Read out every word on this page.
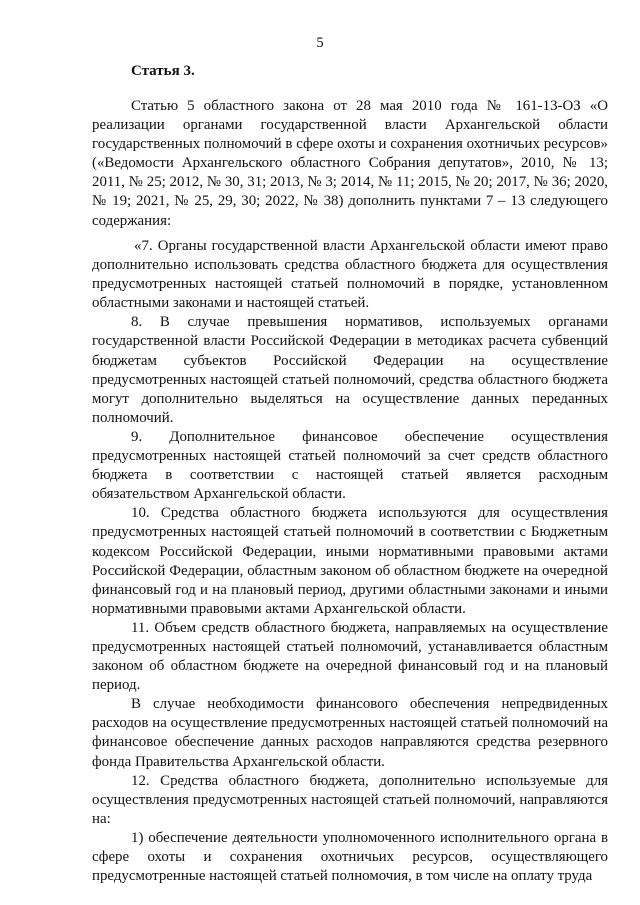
5
Статья 3.

Статью 5 областного закона от 28 мая 2010 года № 161-13-ОЗ «О реализации органами государственной власти Архангельской области государственных полномочий в сфере охоты и сохранения охотничьих ресурсов» («Ведомости Архангельского областного Собрания депутатов», 2010, № 13; 2011, № 25; 2012, № 30, 31; 2013, № 3; 2014, № 11; 2015, № 20; 2017, № 36; 2020, № 19; 2021, № 25, 29, 30; 2022, № 38) дополнить пунктами 7 – 13 следующего содержания:

«7. Органы государственной власти Архангельской области имеют право дополнительно использовать средства областного бюджета для осуществления предусмотренных настоящей статьей полномочий в порядке, установленном областными законами и настоящей статьей.

8. В случае превышения нормативов, используемых органами государственной власти Российской Федерации в методиках расчета субвенций бюджетам субъектов Российской Федерации на осуществление предусмотренных настоящей статьей полномочий, средства областного бюджета могут дополнительно выделяться на осуществление данных переданных полномочий.

9. Дополнительное финансовое обеспечение осуществления предусмотренных настоящей статьей полномочий за счет средств областного бюджета в соответствии с настоящей статьей является расходным обязательством Архангельской области.

10. Средства областного бюджета используются для осуществления предусмотренных настоящей статьей полномочий в соответствии с Бюджетным кодексом Российской Федерации, иными нормативными правовыми актами Российской Федерации, областным законом об областном бюджете на очередной финансовый год и на плановый период, другими областными законами и иными нормативными правовыми актами Архангельской области.

11. Объем средств областного бюджета, направляемых на осуществление предусмотренных настоящей статьей полномочий, устанавливается областным законом об областном бюджете на очередной финансовый год и на плановый период.

В случае необходимости финансового обеспечения непредвиденных расходов на осуществление предусмотренных настоящей статьей полномочий на финансовое обеспечение данных расходов направляются средства резервного фонда Правительства Архангельской области.

12. Средства областного бюджета, дополнительно используемые для осуществления предусмотренных настоящей статьей полномочий, направляются на:

1) обеспечение деятельности уполномоченного исполнительного органа в сфере охоты и сохранения охотничьих ресурсов, осуществляющего предусмотренные настоящей статьей полномочия, в том числе на оплату труда
